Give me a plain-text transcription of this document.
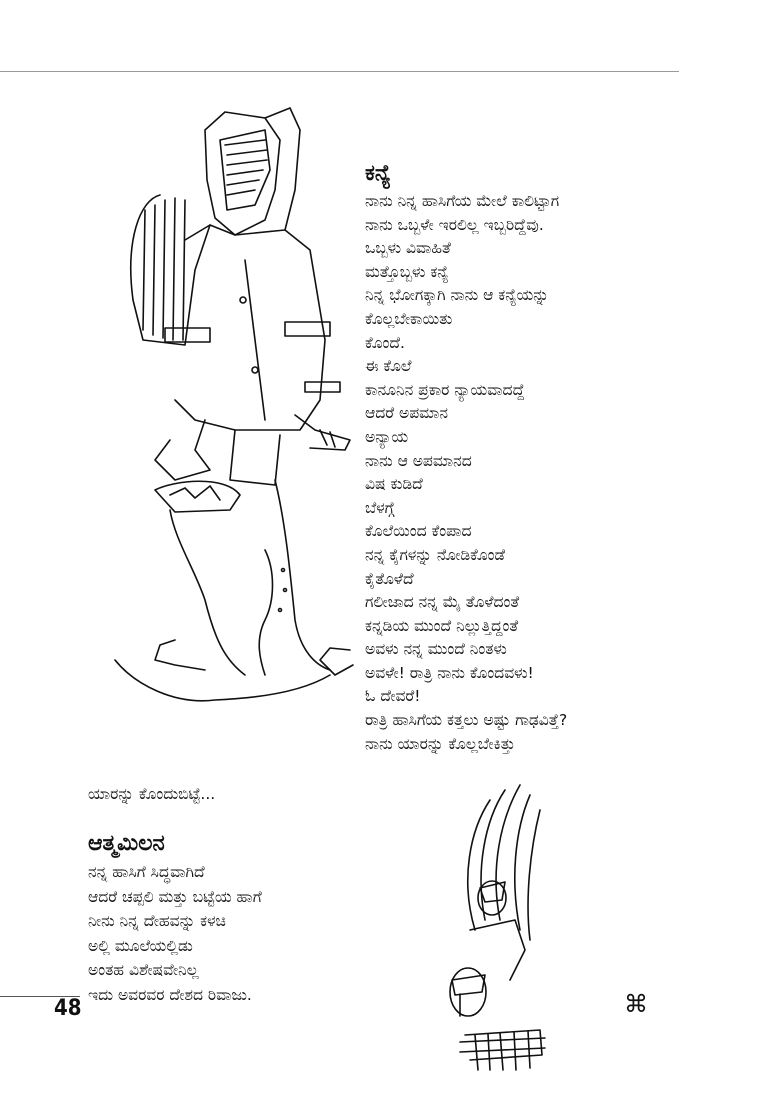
ಕನ್ಯೆ
ನಾನು ನಿನ್ನ ಹಾಸಿಗೆಯ ಮೇಲೆ ಕಾಲಿಟ್ಟಾಗ
ನಾನು ಒಬ್ಬಳೇ ಇರಲಿಲ್ಲ ಇಬ್ಬರಿದ್ದೆವು.
ಒಬ್ಬಳು ವಿವಾಹಿತೆ
ಮತ್ತೊಬ್ಬಳು ಕನ್ಯೆ
ನಿನ್ನ ಭೋಗಕ್ಕಾಗಿ ನಾನು ಆ ಕನ್ಯೆಯನ್ನು
ಕೊಲ್ಲಬೇಕಾಯಿತು
ಕೊಂದೆ.
ಈ ಕೊಲೆ
ಕಾನೂನಿನ ಪ್ರಕಾರ ನ್ಯಾಯವಾದದ್ದೆ
ಆದರೆ ಅಪಮಾನ
ಅನ್ಯಾಯ
ನಾನು ಆ ಅಪಮಾನದ
ವಿಷ ಕುಡಿದೆ
ಬೆಳಗ್ಗೆ
ಕೊಲೆಯಿಂದ ಕೆಂಪಾದ
ನನ್ನ ಕೈಗಳನ್ನು ನೋಡಿಕೊಂಡೆ
ಕೈತೊಳೆದೆ
ಗಲೀಜಾದ ನನ್ನ ಮೈ ತೊಳೆದಂತೆ
ಕನ್ನಡಿಯ ಮುಂದೆ ನಿಲ್ಲುತ್ತಿದ್ದಂತೆ
ಅವಳು ನನ್ನ ಮುಂದೆ ನಿಂತಳು
ಅವಳೇ! ರಾತ್ರಿ ನಾನು ಕೊಂದವಳು!
ಓ ದೇವರೆ!
ರಾತ್ರಿ ಹಾಸಿಗೆಯ ಕತ್ತಲು ಅಷ್ಟು ಗಾಢವಿತ್ತೆ?
ನಾನು ಯಾರನ್ನು ಕೊಲ್ಲಬೇಕಿತ್ತು
ಯಾರನ್ನು ಕೊಂದುಬಿಟ್ಟೆ...
ಆತ್ಮಮಿಲನ
ನನ್ನ ಹಾಸಿಗೆ ಸಿದ್ಧವಾಗಿದೆ
ಆದರೆ ಚಪ್ಪಲಿ ಮತ್ತು ಬಟ್ಟೆಯ ಹಾಗೆ
ನೀನು ನಿನ್ನ ದೇಹವನ್ನು ಕಳಚಿ
ಅಲ್ಲಿ ಮೂಲೆಯಲ್ಲಿಡು
ಅಂತಹ ವಿಶೇಷವೇನಿಲ್ಲ
ಇದು ಅವರವರ ದೇಶದ ರಿವಾಜು.
48	⌘
